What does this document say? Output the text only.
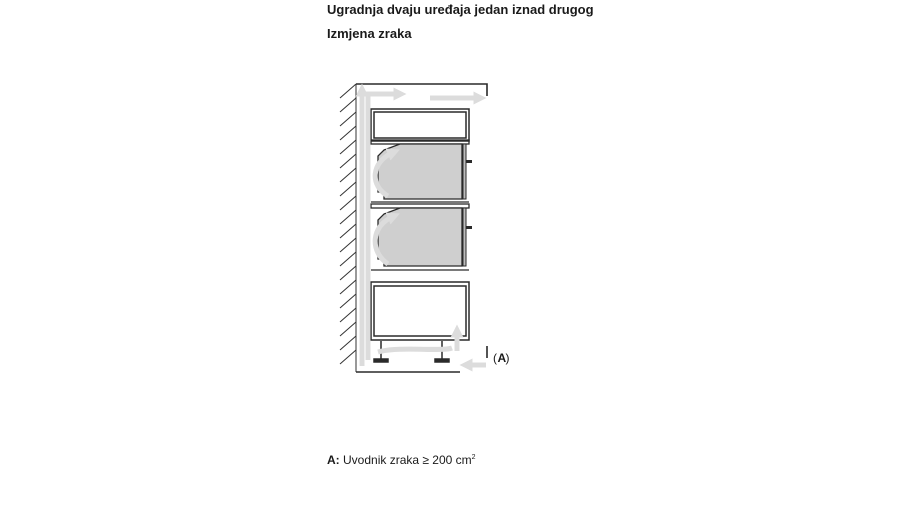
Ugradnja dvaju uređaja jedan iznad drugog
Izmjena zraka
( A )
A: Uvodnik zraka ≥ 200 $cm^2$
